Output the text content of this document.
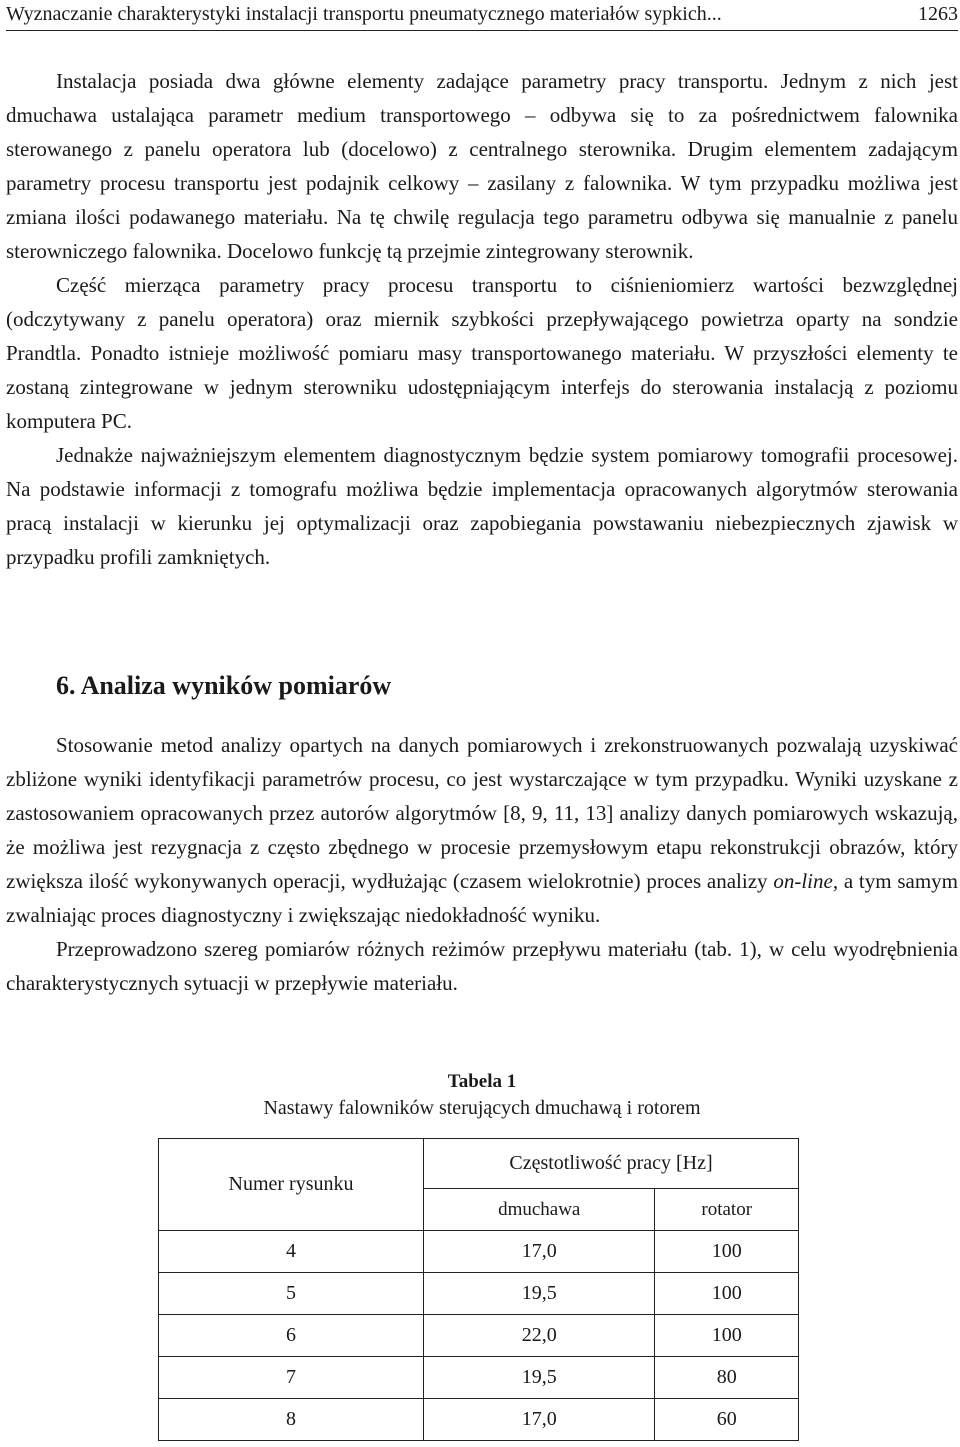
Wyznaczanie charakterystyki instalacji transportu pneumatycznego materiałów sypkich...	1263

Instalacja posiada dwa główne elementy zadające parametry pracy transportu. Jednym z nich jest dmuchawa ustalająca parametr medium transportowego – odbywa się to za pośrednictwem falownika sterowanego z panelu operatora lub (docelowo) z centralnego sterownika. Drugim elementem zadającym parametry procesu transportu jest podajnik celkowy – zasilany z falownika. W tym przypadku możliwa jest zmiana ilości podawanego materiału. Na tę chwilę regulacja tego parametru odbywa się manualnie z panelu sterowniczego falownika. Docelowo funkcję tą przejmie zintegrowany sterownik.

Część mierząca parametry pracy procesu transportu to ciśnieniomierz wartości bezwzględnej (odczytywany z panelu operatora) oraz miernik szybkości przepływającego powietrza oparty na sondzie Prandtla. Ponadto istnieje możliwość pomiaru masy transportowanego materiału. W przyszłości elementy te zostaną zintegrowane w jednym sterowniku udostępniającym interfejs do sterowania instalacją z poziomu komputera PC.

Jednakże najważniejszym elementem diagnostycznym będzie system pomiarowy tomografii procesowej. Na podstawie informacji z tomografu możliwa będzie implementacja opracowanych algorytmów sterowania pracą instalacji w kierunku jej optymalizacji oraz zapobiegania powstawaniu niebezpiecznych zjawisk w przypadku profili zamkniętych.

6. Analiza wyników pomiarów

Stosowanie metod analizy opartych na danych pomiarowych i zrekonstruowanych pozwalają uzyskiwać zbliżone wyniki identyfikacji parametrów procesu, co jest wystarczające w tym przypadku. Wyniki uzyskane z zastosowaniem opracowanych przez autorów algorytmów [8, 9, 11, 13] analizy danych pomiarowych wskazują, że możliwa jest rezygnacja z często zbędnego w procesie przemysłowym etapu rekonstrukcji obrazów, który zwiększa ilość wykonywanych operacji, wydłużając (czasem wielokrotnie) proces analizy on-line, a tym samym zwalniając proces diagnostyczny i zwiększając niedokładność wyniku.

Przeprowadzono szereg pomiarów różnych reżimów przepływu materiału (tab. 1), w celu wyodrębnienia charakterystycznych sytuacji w przepływie materiału.

Tabela 1
Nastawy falowników sterujących dmuchawą i rotorem
Numer rysunku	Częstotliwość pracy [Hz]	
	dmuchawa	rotator
4	17,0	100
5	19,5	100
6	22,0	100
7	19,5	80
8	17,0	60
